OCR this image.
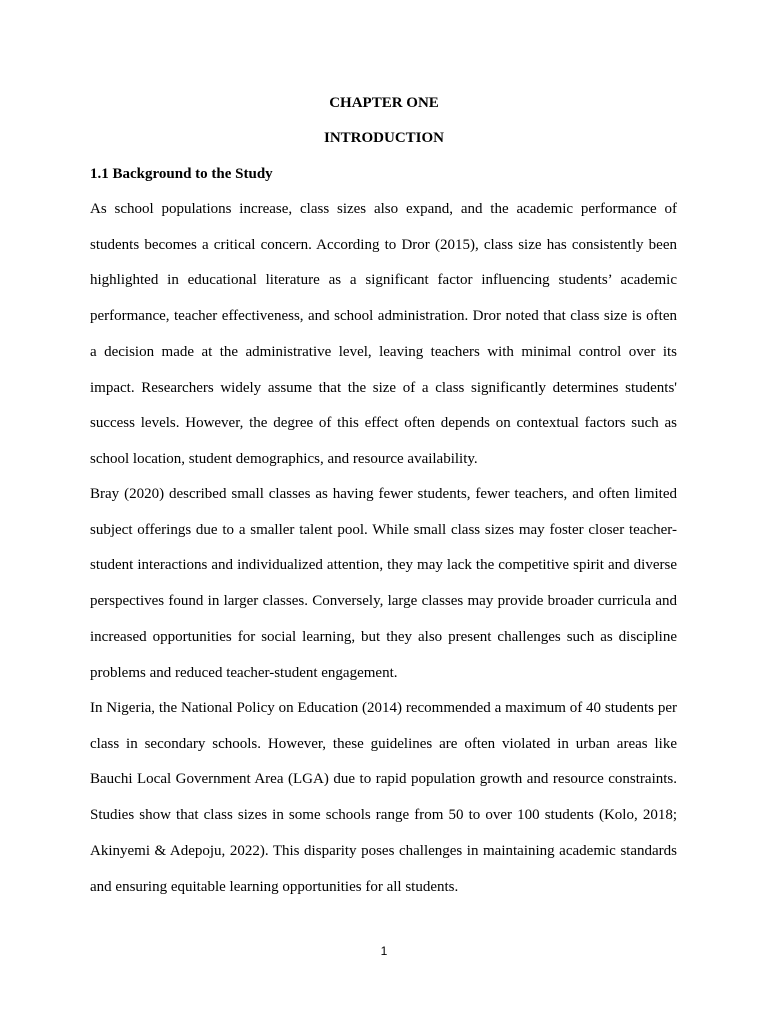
CHAPTER ONE
INTRODUCTION
1.1 Background to the Study

As school populations increase, class sizes also expand, and the academic performance of students becomes a critical concern. According to Dror (2015), class size has consistently been highlighted in educational literature as a significant factor influencing students’ academic performance, teacher effectiveness, and school administration. Dror noted that class size is often a decision made at the administrative level, leaving teachers with minimal control over its impact. Researchers widely assume that the size of a class significantly determines students' success levels. However, the degree of this effect often depends on contextual factors such as school location, student demographics, and resource availability.

Bray (2020) described small classes as having fewer students, fewer teachers, and often limited subject offerings due to a smaller talent pool. While small class sizes may foster closer teacher-student interactions and individualized attention, they may lack the competitive spirit and diverse perspectives found in larger classes. Conversely, large classes may provide broader curricula and increased opportunities for social learning, but they also present challenges such as discipline problems and reduced teacher-student engagement.

In Nigeria, the National Policy on Education (2014) recommended a maximum of 40 students per class in secondary schools. However, these guidelines are often violated in urban areas like Bauchi Local Government Area (LGA) due to rapid population growth and resource constraints. Studies show that class sizes in some schools range from 50 to over 100 students (Kolo, 2018; Akinyemi & Adepoju, 2022). This disparity poses challenges in maintaining academic standards and ensuring equitable learning opportunities for all students.

1
